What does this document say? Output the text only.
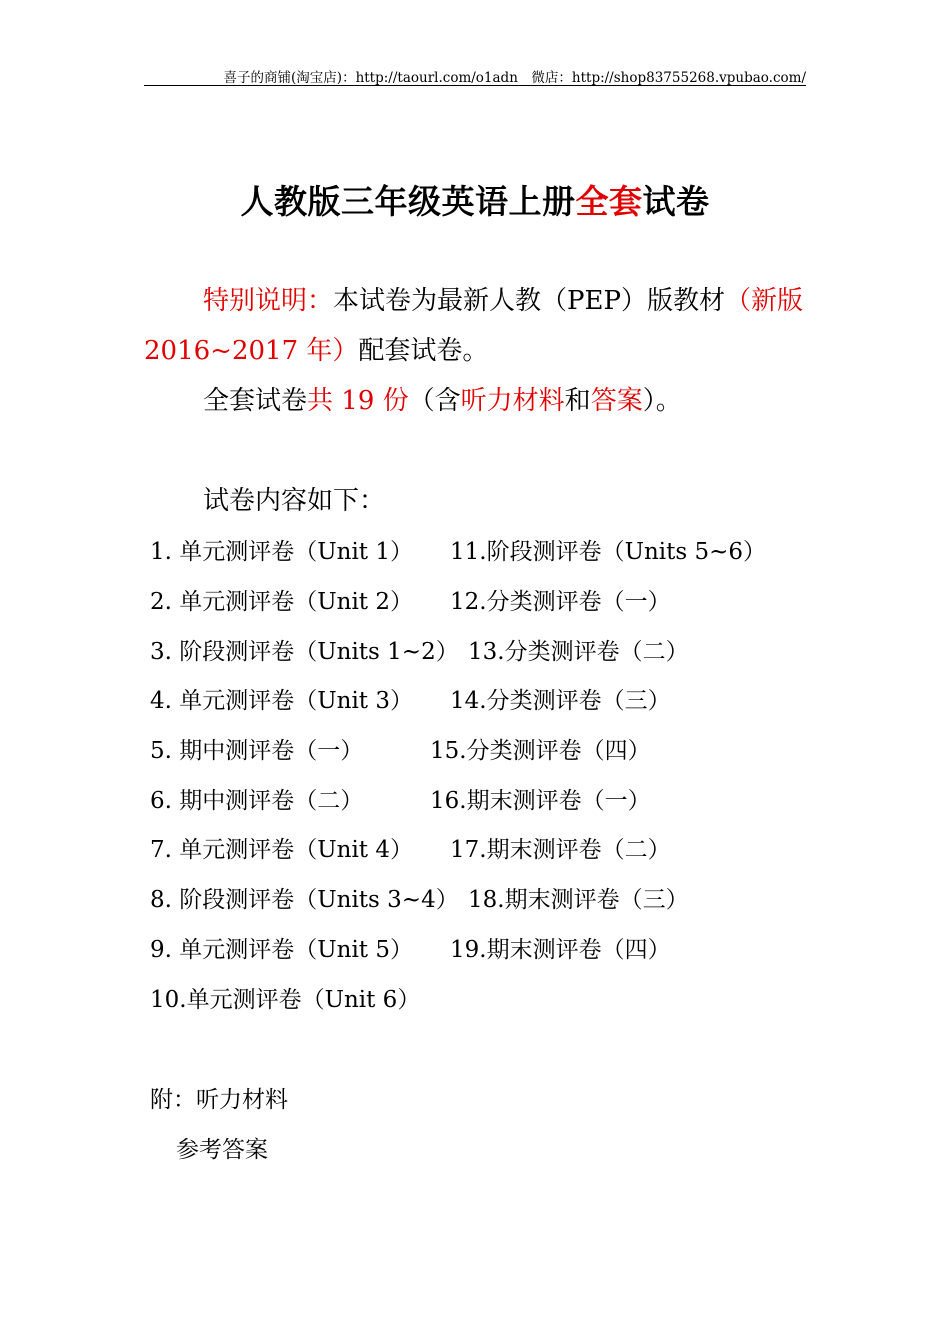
喜子的商铺(淘宝店)：http://taourl.com/o1adn　微店：http://shop83755268.vpubao.com/
人教版三年级英语上册全套试卷
特别说明：本试卷为最新人教（PEP）版教材（新版
2016~2017 年）配套试卷。
全套试卷共 19 份（含听力材料和答案）。
试卷内容如下：
1. 单元测评卷（Unit 1）
2. 单元测评卷（Unit 2）
3. 阶段测评卷（Units 1~2）
4. 单元测评卷（Unit 3）
5. 期中测评卷（一）
6. 期中测评卷（二）
7. 单元测评卷（Unit 4）
8. 阶段测评卷（Units 3~4）
9. 单元测评卷（Unit 5）
10.单元测评卷（Unit 6）
11.阶段测评卷（Units 5~6）
12.分类测评卷（一）
13.分类测评卷（二）
14.分类测评卷（三）
15.分类测评卷（四）
16.期末测评卷（一）
17.期末测评卷（二）
18.期末测评卷（三）
19.期末测评卷（四）
附：听力材料
参考答案
